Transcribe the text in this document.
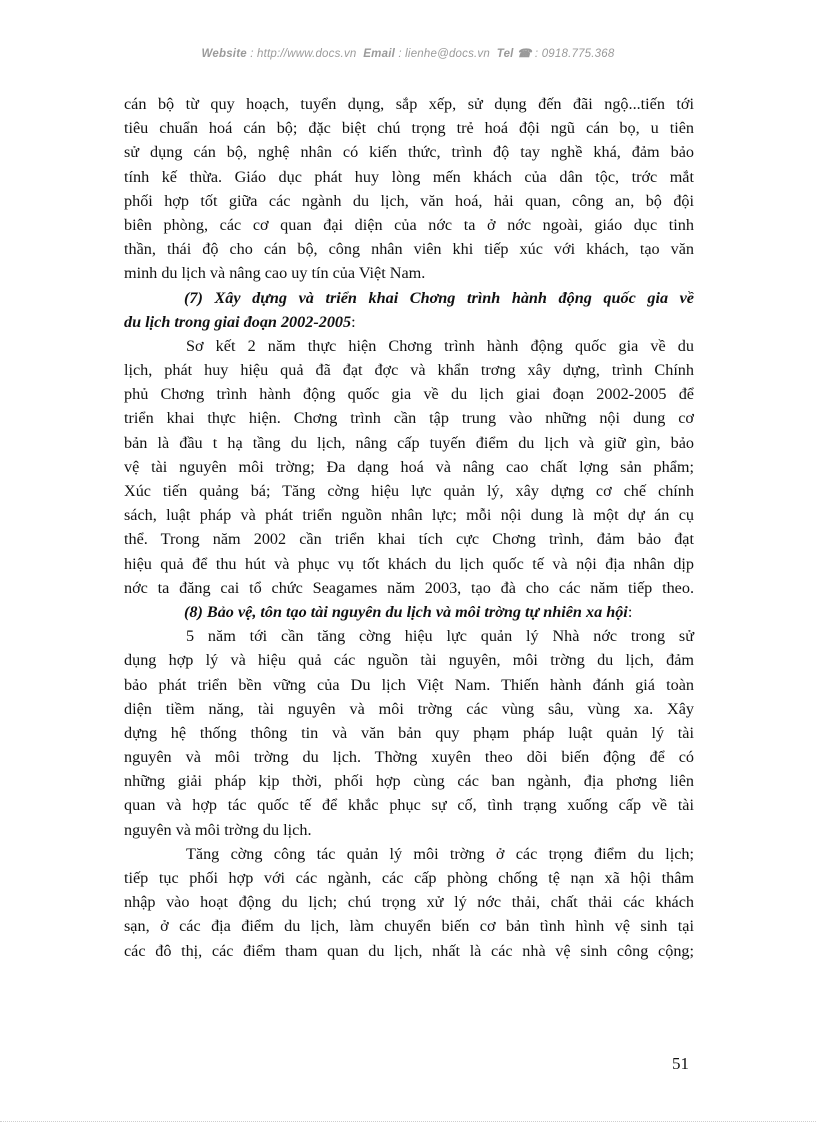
Website : http://www.docs.vn Email : lienhe@docs.vn Tel ☎ : 0918.775.368
cán bộ từ quy hoạch, tuyển dụng, sắp xếp, sử dụng đến đãi ngộ...tiến tới
tiêu chuẩn hoá cán bộ; đặc biệt chú trọng trẻ hoá đội ngũ cán bọ, u tiên
sử dụng cán bộ, nghệ nhân có kiến thức, trình độ tay nghề khá, đảm bảo
tính kế thừa. Giáo dục phát huy lòng mến khách của dân tộc, trớc mắt
phối hợp tốt giữa các ngành du lịch, văn hoá, hải quan, công an, bộ đội
biên phòng, các cơ quan đại diện của nớc ta ở nớc ngoài, giáo dục tinh
thần, thái độ cho cán bộ, công nhân viên khi tiếp xúc với khách, tạo văn
minh du lịch và nâng cao uy tín của Việt Nam.
(7) Xây dựng và triển khai Chơng trình hành động quốc gia về
du lịch trong giai đoạn 2002-2005:
Sơ kết 2 năm thực hiện Chơng trình hành động quốc gia về du
lịch, phát huy hiệu quả đã đạt đợc và khẩn trơng xây dựng, trình Chính
phủ Chơng trình hành động quốc gia về du lịch giai đoạn 2002-2005 để
triển khai thực hiện. Chơng trình cần tập trung vào những nội dung cơ
bản là đầu t hạ tầng du lịch, nâng cấp tuyến điểm du lịch và giữ gìn, bảo
vệ tài nguyên môi trờng; Đa dạng hoá và nâng cao chất lợng sản phẩm;
Xúc tiến quảng bá; Tăng cờng hiệu lực quản lý, xây dựng cơ chế chính
sách, luật pháp và phát triển nguồn nhân lực; mỗi nội dung là một dự án cụ
thể. Trong năm 2002 cần triển khai tích cực Chơng trình, đảm bảo đạt
hiệu quả để thu hút và phục vụ tốt khách du lịch quốc tế và nội địa nhân dịp
nớc ta đăng cai tổ chức Seagames năm 2003, tạo đà cho các năm tiếp theo.
(8) Bảo vệ, tôn tạo tài nguyên du lịch và môi trờng tự nhiên xa hội:
5 năm tới cần tăng cờng hiệu lực quản lý Nhà nớc trong sử
dụng hợp lý và hiệu quả các nguồn tài nguyên, môi trờng du lịch, đảm
bảo phát triển bền vững của Du lịch Việt Nam. Thiến hành đánh giá toàn
diện tiềm năng, tài nguyên và môi trờng các vùng sâu, vùng xa. Xây
dựng hệ thống thông tin và văn bản quy phạm pháp luật quản lý tài
nguyên và môi trờng du lịch. Thờng xuyên theo dõi biến động để có
những giải pháp kịp thời, phối hợp cùng các ban ngành, địa phơng liên
quan và hợp tác quốc tế để khắc phục sự cố, tình trạng xuống cấp về tài
nguyên và môi trờng du lịch.
Tăng cờng công tác quản lý môi trờng ở các trọng điểm du lịch;
tiếp tục phối hợp với các ngành, các cấp phòng chống tệ nạn xã hội thâm
nhập vào hoạt động du lịch; chú trọng xử lý nớc thải, chất thải các khách
sạn, ở các địa điểm du lịch, làm chuyển biến cơ bản tình hình vệ sinh tại
các đô thị, các điểm tham quan du lịch, nhất là các nhà vệ sinh công cộng;
51
